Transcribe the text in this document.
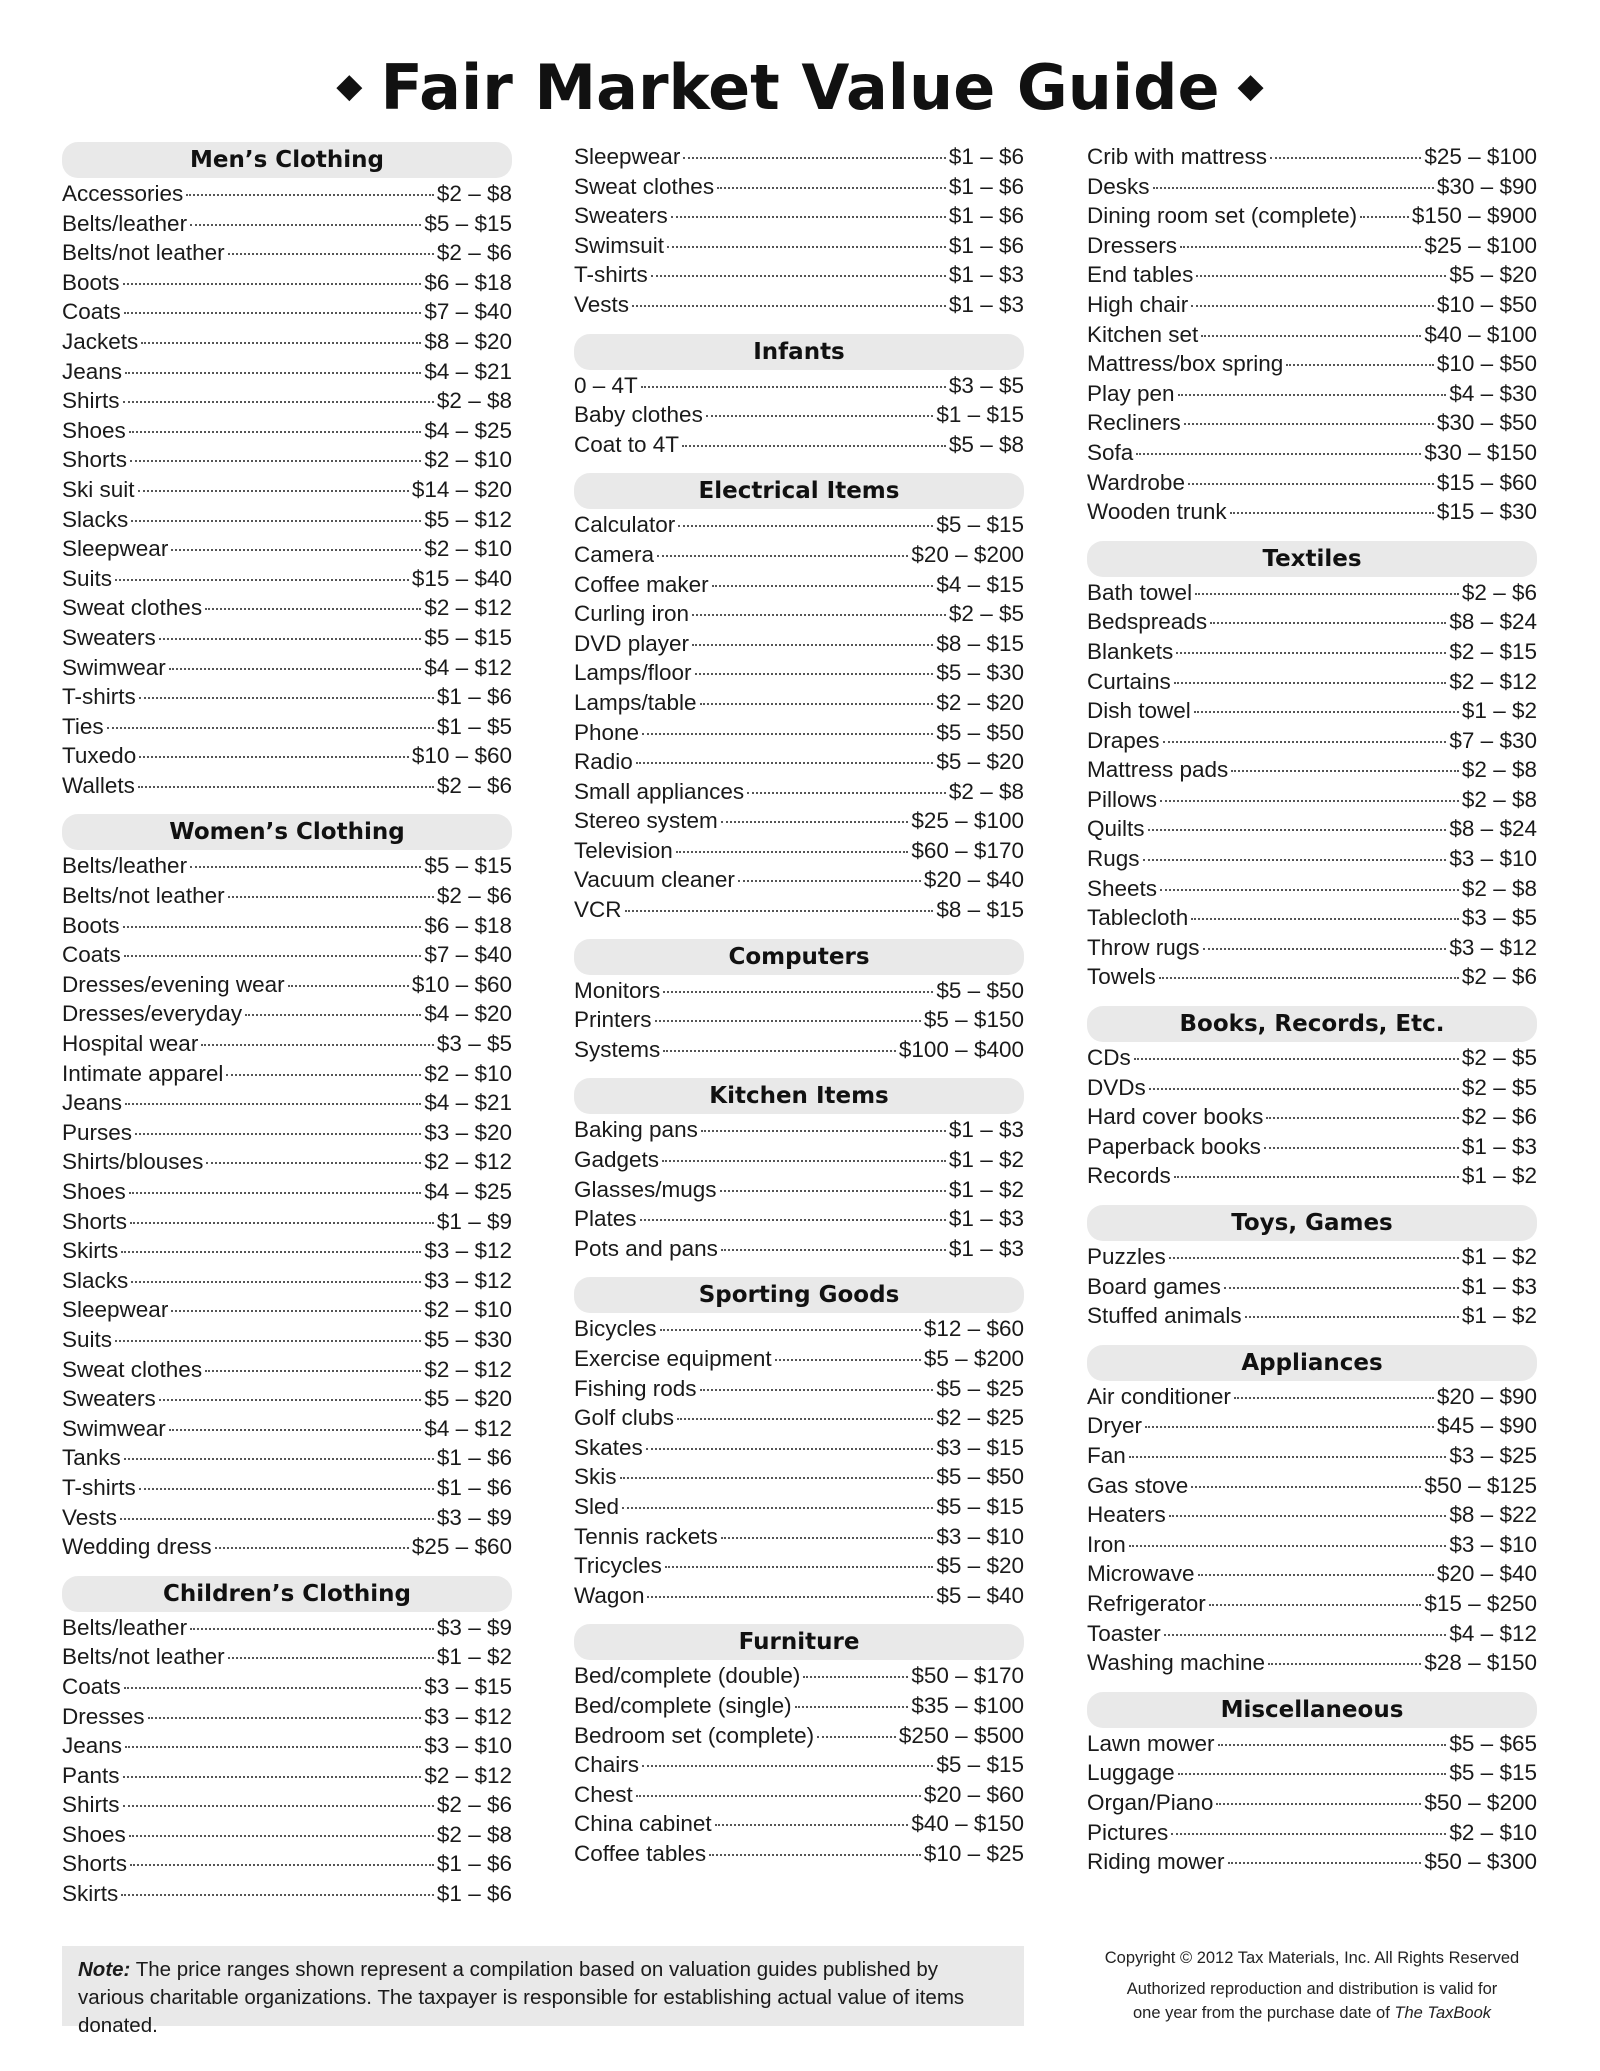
◆ Fair Market Value Guide ◆
Men’s Clothing
Accessories	$2 – $8
Belts/leather	$5 – $15
Belts/not leather	$2 – $6
Boots	$6 – $18
Coats	$7 – $40
Jackets	$8 – $20
Jeans	$4 – $21
Shirts	$2 – $8
Shoes	$4 – $25
Shorts	$2 – $10
Ski suit	$14 – $20
Slacks	$5 – $12
Sleepwear	$2 – $10
Suits	$15 – $40
Sweat clothes	$2 – $12
Sweaters	$5 – $15
Swimwear	$4 – $12
T-shirts	$1 – $6
Ties	$1 – $5
Tuxedo	$10 – $60
Wallets	$2 – $6
Women’s Clothing
Belts/leather	$5 – $15
Belts/not leather	$2 – $6
Boots	$6 – $18
Coats	$7 – $40
Dresses/evening wear	$10 – $60
Dresses/everyday	$4 – $20
Hospital wear	$3 – $5
Intimate apparel	$2 – $10
Jeans	$4 – $21
Purses	$3 – $20
Shirts/blouses	$2 – $12
Shoes	$4 – $25
Shorts	$1 – $9
Skirts	$3 – $12
Slacks	$3 – $12
Sleepwear	$2 – $10
Suits	$5 – $30
Sweat clothes	$2 – $12
Sweaters	$5 – $20
Swimwear	$4 – $12
Tanks	$1 – $6
T-shirts	$1 – $6
Vests	$3 – $9
Wedding dress	$25 – $60
Children’s Clothing
Belts/leather	$3 – $9
Belts/not leather	$1 – $2
Coats	$3 – $15
Dresses	$3 – $12
Jeans	$3 – $10
Pants	$2 – $12
Shirts	$2 – $6
Shoes	$2 – $8
Shorts	$1 – $6
Skirts	$1 – $6
Sleepwear	$1 – $6
Sweat clothes	$1 – $6
Sweaters	$1 – $6
Swimsuit	$1 – $6
T-shirts	$1 – $3
Vests	$1 – $3
Infants
0 – 4T	$3 – $5
Baby clothes	$1 – $15
Coat to 4T	$5 – $8
Electrical Items
Calculator	$5 – $15
Camera	$20 – $200
Coffee maker	$4 – $15
Curling iron	$2 – $5
DVD player	$8 – $15
Lamps/floor	$5 – $30
Lamps/table	$2 – $20
Phone	$5 – $50
Radio	$5 – $20
Small appliances	$2 – $8
Stereo system	$25 – $100
Television	$60 – $170
Vacuum cleaner	$20 – $40
VCR	$8 – $15
Computers
Monitors	$5 – $50
Printers	$5 – $150
Systems	$100 – $400
Kitchen Items
Baking pans	$1 – $3
Gadgets	$1 – $2
Glasses/mugs	$1 – $2
Plates	$1 – $3
Pots and pans	$1 – $3
Sporting Goods
Bicycles	$12 – $60
Exercise equipment	$5 – $200
Fishing rods	$5 – $25
Golf clubs	$2 – $25
Skates	$3 – $15
Skis	$5 – $50
Sled	$5 – $15
Tennis rackets	$3 – $10
Tricycles	$5 – $20
Wagon	$5 – $40
Furniture
Bed/complete (double)	$50 – $170
Bed/complete (single)	$35 – $100
Bedroom set (complete)	$250 – $500
Chairs	$5 – $15
Chest	$20 – $60
China cabinet	$40 – $150
Coffee tables	$10 – $25
Crib with mattress	$25 – $100
Desks	$30 – $90
Dining room set (complete) $150 – $900
Dressers	$25 – $100
End tables	$5 – $20
High chair	$10 – $50
Kitchen set	$40 – $100
Mattress/box spring	$10 – $50
Play pen	$4 – $30
Recliners	$30 – $50
Sofa	$30 – $150
Wardrobe	$15 – $60
Wooden trunk	$15 – $30
Textiles
Bath towel	$2 – $6
Bedspreads	$8 – $24
Blankets	$2 – $15
Curtains	$2 – $12
Dish towel	$1 – $2
Drapes	$7 – $30
Mattress pads	$2 – $8
Pillows	$2 – $8
Quilts	$8 – $24
Rugs	$3 – $10
Sheets	$2 – $8
Tablecloth	$3 – $5
Throw rugs	$3 – $12
Towels	$2 – $6
Books, Records, Etc.
CDs	$2 – $5
DVDs	$2 – $5
Hard cover books	$2 – $6
Paperback books	$1 – $3
Records	$1 – $2
Toys, Games
Puzzles	$1 – $2
Board games	$1 – $3
Stuffed animals	$1 – $2
Appliances
Air conditioner	$20 – $90
Dryer	$45 – $90
Fan	$3 – $25
Gas stove	$50 – $125
Heaters	$8 – $22
Iron	$3 – $10
Microwave	$20 – $40
Refrigerator	$15 – $250
Toaster	$4 – $12
Washing machine	$28 – $150
Miscellaneous
Lawn mower	$5 – $65
Luggage	$5 – $15
Organ/Piano	$50 – $200
Pictures	$2 – $10
Riding mower	$50 – $300
Note: The price ranges shown represent a compilation based on valuation guides published by various charitable organizations. The taxpayer is responsible for establishing actual value of items donated.
Copyright © 2012 Tax Materials, Inc. All Rights Reserved
Authorized reproduction and distribution is valid for
one year from the purchase date of The TaxBook
